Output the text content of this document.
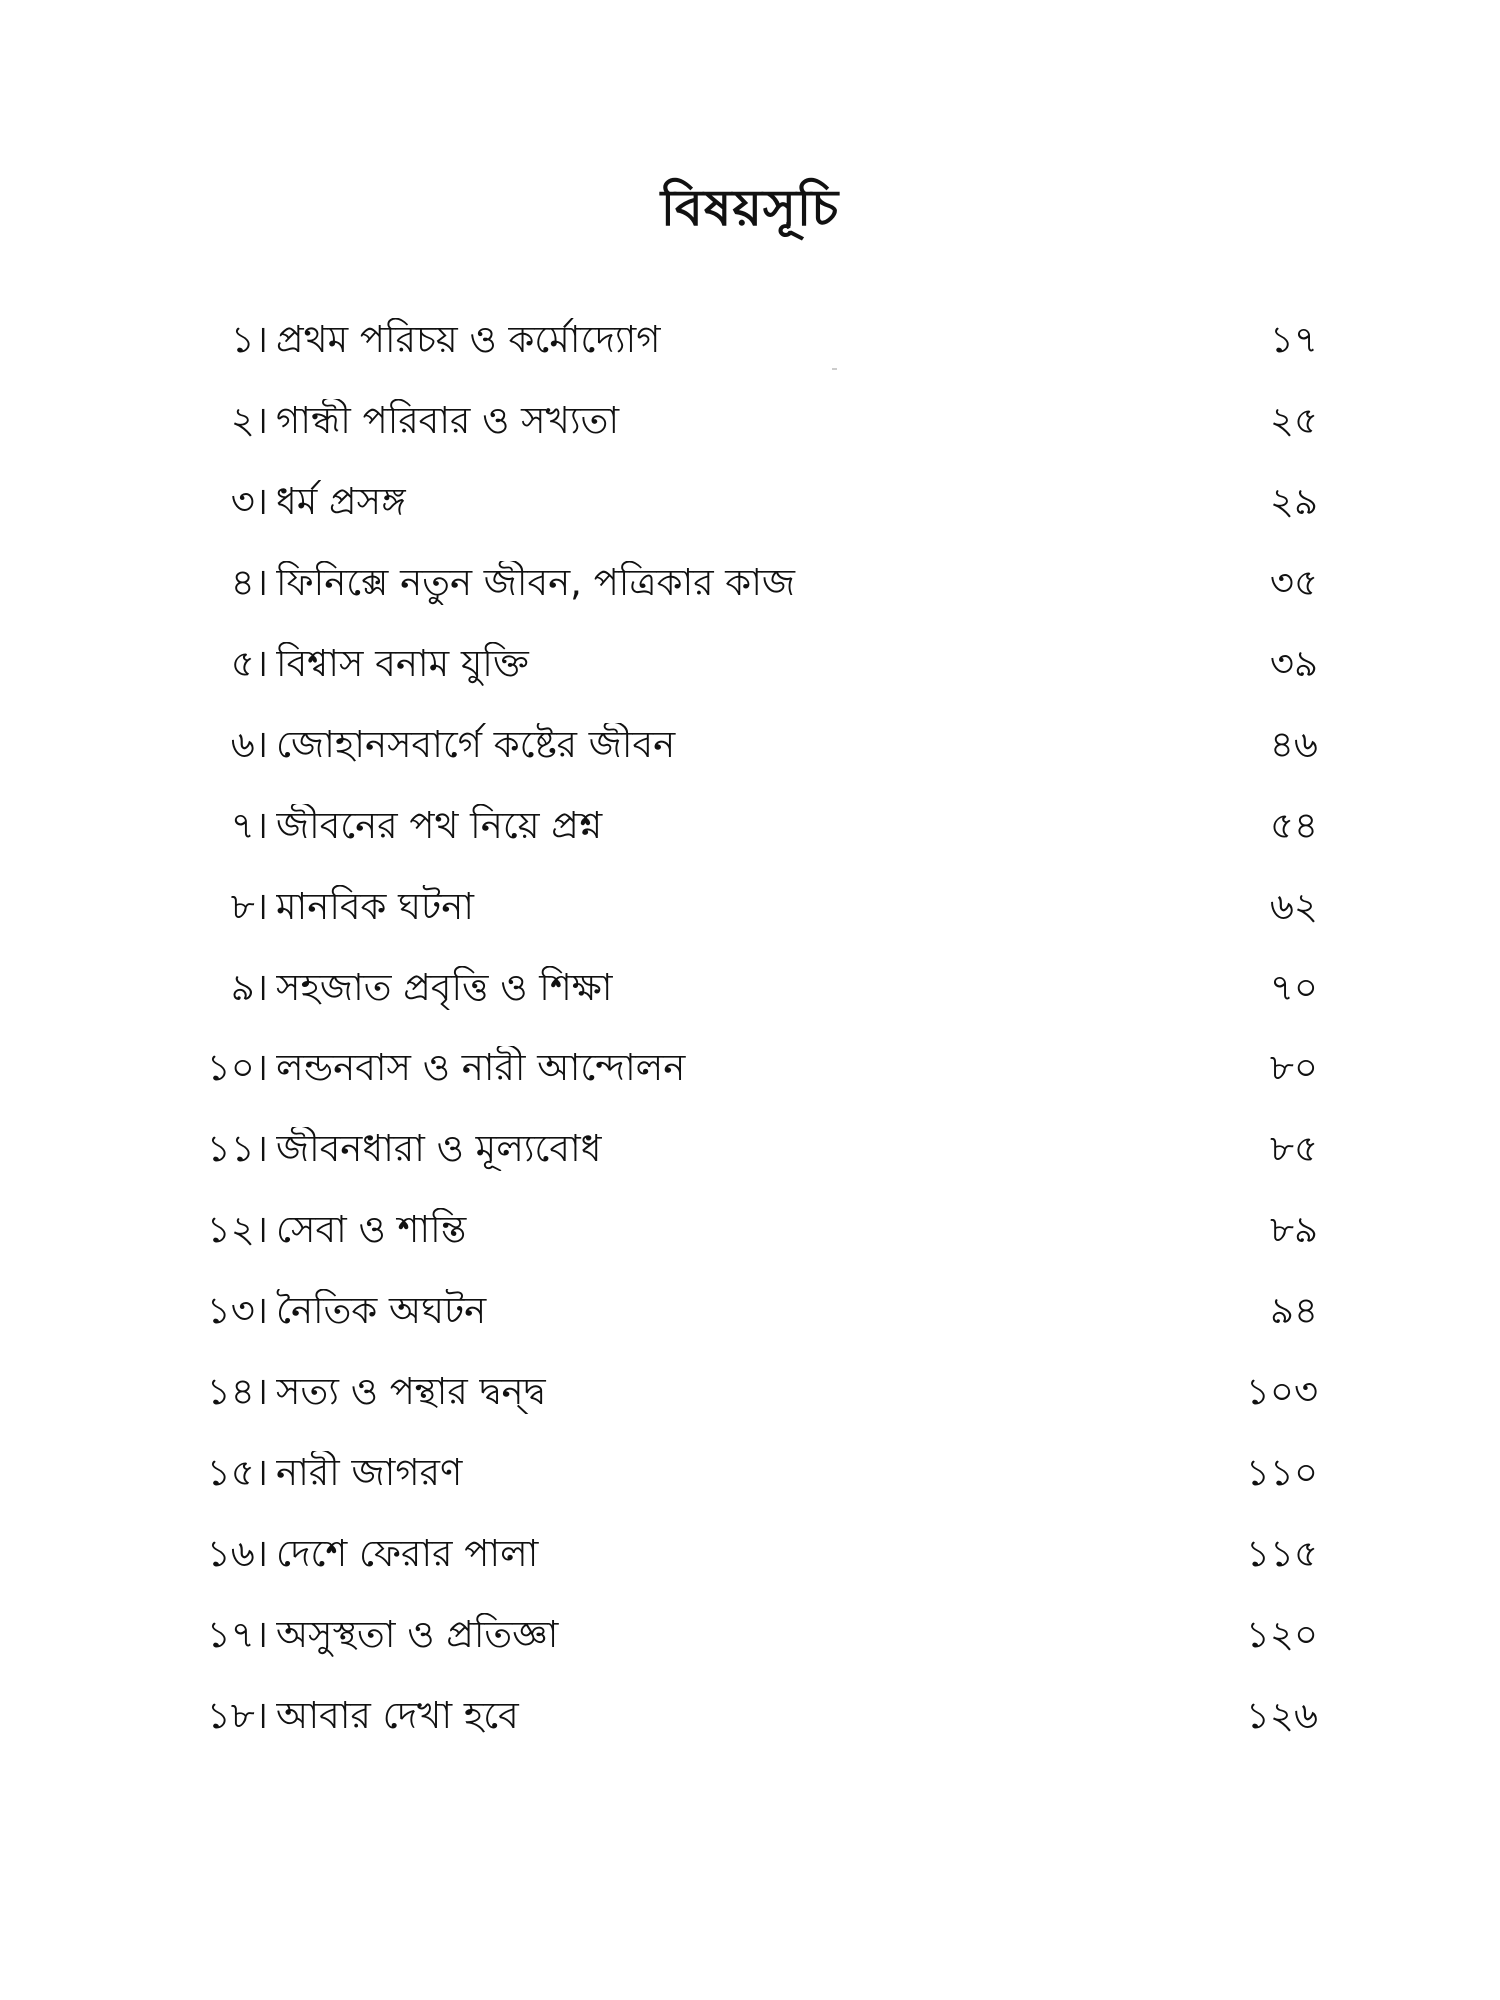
বিষয়সূচি
১। প্রথম পরিচয় ও কর্মোদ্যোগ	১৭
২। গান্ধী পরিবার ও সখ্যতা	২৫
৩। ধর্ম প্রসঙ্গ	২৯
৪। ফিনিক্সে নতুন জীবন, পত্রিকার কাজ	৩৫
৫। বিশ্বাস বনাম যুক্তি	৩৯
৬। জোহানসবার্গে কষ্টের জীবন	৪৬
৭। জীবনের পথ নিয়ে প্রশ্ন	৫৪
৮। মানবিক ঘটনা	৬২
৯। সহজাত প্রবৃত্তি ও শিক্ষা	৭০
১০। লন্ডনবাস ও নারী আন্দোলন	৮০
১১। জীবনধারা ও মূল্যবোধ	৮৫
১২। সেবা ও শান্তি	৮৯
১৩। নৈতিক অঘটন	৯৪
১৪। সত্য ও পন্থার দ্বন্দ্ব	১০৩
১৫। নারী জাগরণ	১১০
১৬। দেশে ফেরার পালা	১১৫
১৭। অসুস্থতা ও প্রতিজ্ঞা	১২০
১৮। আবার দেখা হবে	১২৬
